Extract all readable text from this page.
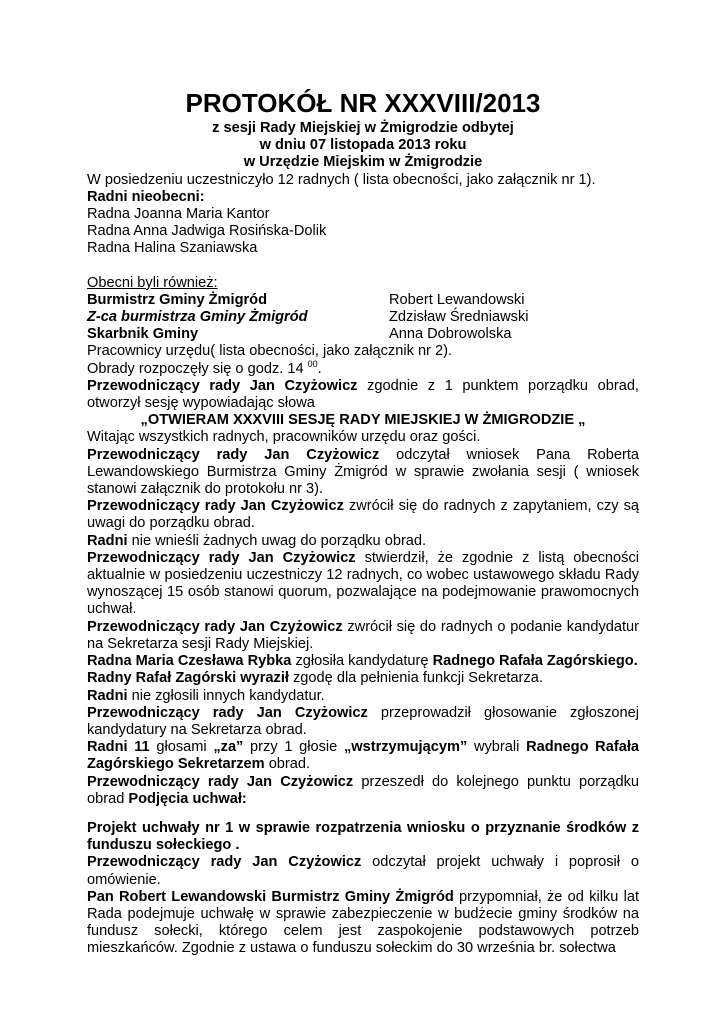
PROTOKÓŁ NR XXXVIII/2013

z sesji Rady Miejskiej w Żmigrodzie odbytej

w dniu 07 listopada 2013 roku

w Urzędzie Miejskim w Żmigrodzie

W posiedzeniu uczestniczyło 12 radnych ( lista obecności, jako załącznik nr 1).

Radni nieobecni:

Radna Joanna Maria Kantor

Radna Anna Jadwiga Rosińska-Dolik

Radna Halina Szaniawska

Obecni byli również:

Burmistrz Gminy Żmigród	Robert Lewandowski
Z-ca burmistrza Gminy Żmigród	Zdzisław Średniawski
Skarbnik Gminy	Anna Dobrowolska

Pracownicy urzędu( lista obecności, jako załącznik nr 2).

Obrady rozpoczęły się o godz. 14 $^{00}$.

Przewodniczący rady Jan Czyżowicz zgodnie z 1 punktem porządku obrad, otworzył sesję wypowiadając słowa

„OTWIERAM XXXVIII SESJĘ RADY MIEJSKIEJ W ŻMIGRODZIE „

Witając wszystkich radnych, pracowników urzędu oraz gości.

Przewodniczący rady Jan Czyżowicz odczytał wniosek Pana Roberta Lewandowskiego Burmistrza Gminy Żmigród w sprawie zwołania sesji ( wniosek stanowi załącznik do protokołu nr 3).

Przewodniczący rady Jan Czyżowicz zwrócił się do radnych z zapytaniem, czy są uwagi do porządku obrad.

Radni nie wnieśli żadnych uwag do porządku obrad.

Przewodniczący rady Jan Czyżowicz stwierdził, że zgodnie z listą obecności aktualnie w posiedzeniu uczestniczy 12 radnych, co wobec ustawowego składu Rady wynoszącej 15 osób stanowi quorum, pozwalające na podejmowanie prawomocnych uchwał.

Przewodniczący rady Jan Czyżowicz zwrócił się do radnych o podanie kandydatur na Sekretarza sesji Rady Miejskiej.

Radna Maria Czesława Rybka zgłosiła kandydaturę Radnego Rafała Zagórskiego.

Radny Rafał Zagórski wyraził zgodę dla pełnienia funkcji Sekretarza.

Radni nie zgłosili innych kandydatur.

Przewodniczący rady Jan Czyżowicz przeprowadził głosowanie zgłoszonej kandydatury na Sekretarza obrad.

Radni 11 głosami „za” przy 1 głosie „wstrzymującym” wybrali Radnego Rafała Zagórskiego Sekretarzem obrad.

Przewodniczący rady Jan Czyżowicz przeszedł do kolejnego punktu porządku obrad Podjęcia uchwał:

Projekt uchwały nr 1 w sprawie rozpatrzenia wniosku o przyznanie środków z funduszu sołeckiego .

Przewodniczący rady Jan Czyżowicz odczytał projekt uchwały i poprosił o omówienie.

Pan Robert Lewandowski Burmistrz Gminy Żmigród przypomniał, że od kilku lat Rada podejmuje uchwałę w sprawie zabezpieczenie w budżecie gminy środków na fundusz sołecki, którego celem jest zaspokojenie podstawowych potrzeb mieszkańców. Zgodnie z ustawa o funduszu sołeckim do 30 września br. sołectwa
